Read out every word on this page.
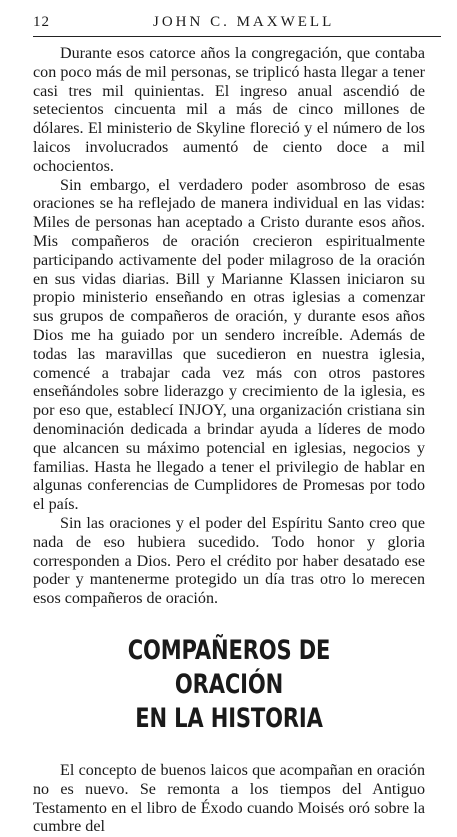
12	JOHN C. MAXWELL

Durante esos catorce años la congregación, que contaba con poco más de mil personas, se triplicó hasta llegar a tener casi tres mil quinientas. El ingreso anual ascendió de setecientos cincuenta mil a más de cinco millones de dólares. El ministerio de Skyline floreció y el número de los laicos involucrados aumentó de ciento doce a mil ochocientos.

Sin embargo, el verdadero poder asombroso de esas oraciones se ha reflejado de manera individual en las vidas: Miles de personas han aceptado a Cristo durante esos años. Mis compañeros de oración crecieron espiritualmente participando activamente del poder milagroso de la oración en sus vidas diarias. Bill y Marianne Klassen iniciaron su propio ministerio enseñando en otras iglesias a comenzar sus grupos de compañeros de oración, y durante esos años Dios me ha guiado por un sendero increíble. Además de todas las maravillas que sucedieron en nuestra iglesia, comencé a trabajar cada vez más con otros pastores enseñándoles sobre liderazgo y crecimiento de la iglesia, es por eso que, establecí INJOY, una organización cristiana sin denominación dedicada a brindar ayuda a líderes de modo que alcancen su máximo potencial en iglesias, negocios y familias. Hasta he llegado a tener el privilegio de hablar en algunas conferencias de Cumplidores de Promesas por todo el país.

Sin las oraciones y el poder del Espíritu Santo creo que nada de eso hubiera sucedido. Todo honor y gloria corresponden a Dios. Pero el crédito por haber desatado ese poder y mantenerme protegido un día tras otro lo merecen esos compañeros de oración.

COMPAÑEROS DE ORACIÓN
EN LA HISTORIA

El concepto de buenos laicos que acompañan en oración no es nuevo. Se remonta a los tiempos del Antiguo Testamento en el libro de Éxodo cuando Moisés oró sobre la cumbre del
